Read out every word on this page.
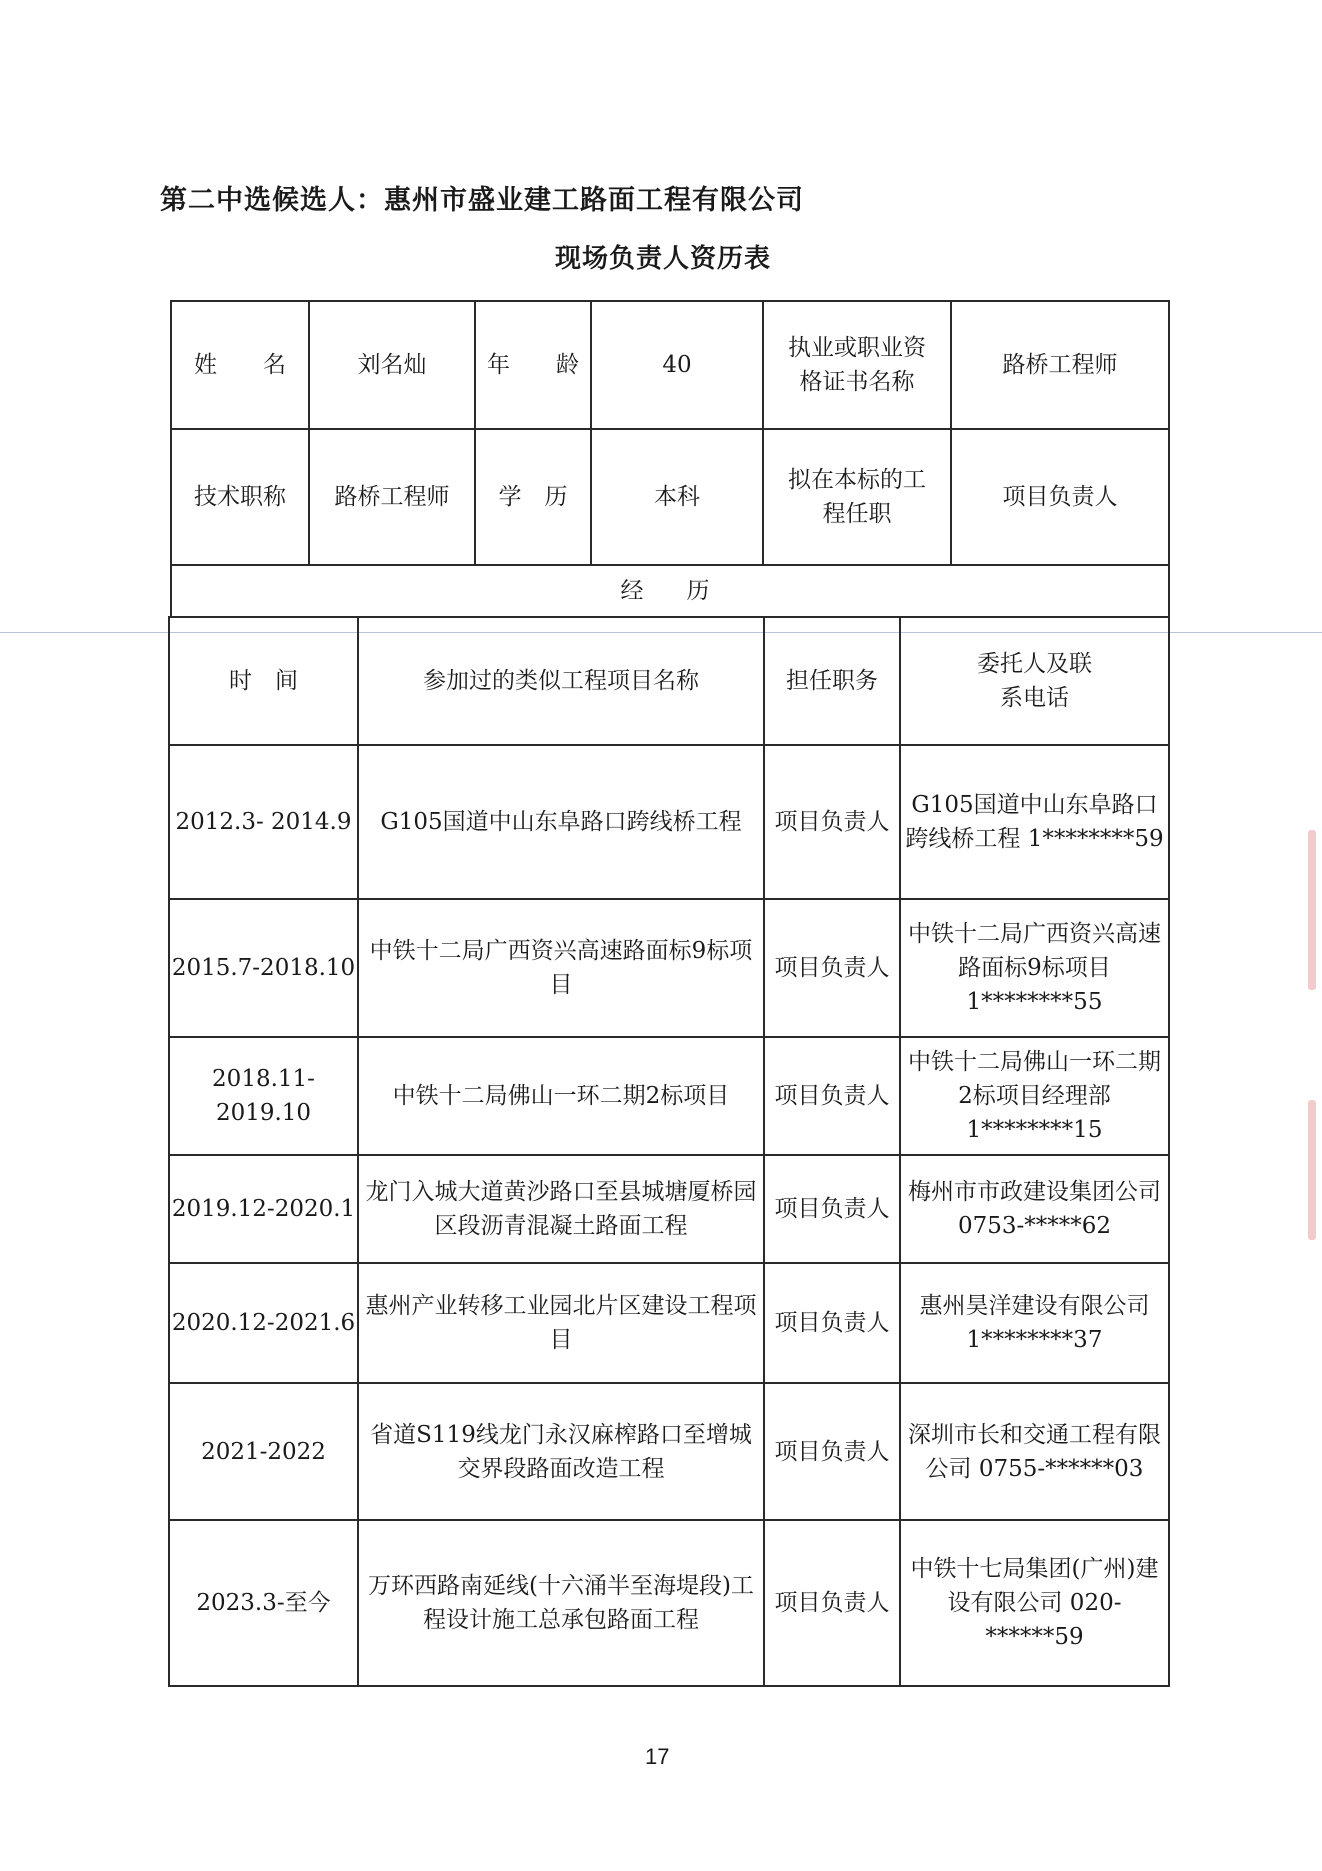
第二中选候选人：惠州市盛业建工路面工程有限公司
现场负责人资历表
姓　　名	刘名灿	年　　龄	40	执业或职业资格证书名称	路桥工程师
技术职称	路桥工程师	学　历	本科	拟在本标的工程任职	项目负责人
经　历					
时　间	参加过的类似工程项目名称	担任职务	委托人及联系电话
2012.3- 2014.9	G105国道中山东阜路口跨线桥工程	项目负责人	G105国道中山东阜路口跨线桥工程 1********59
2015.7-2018.10	中铁十二局广西资兴高速路面标9标项目	项目负责人	中铁十二局广西资兴高速路面标9标项目 1********55
2018.11-2019.10	中铁十二局佛山一环二期2标项目	项目负责人	中铁十二局佛山一环二期2标项目经理部 1********15
2019.12-2020.1	龙门入城大道黄沙路口至县城塘厦桥园区段沥青混凝土路面工程	项目负责人	梅州市市政建设集团公司 0753-*****62
2020.12-2021.6	惠州产业转移工业园北片区建设工程项目	项目负责人	惠州昊洋建设有限公司 1********37
2021-2022	省道S119线龙门永汉麻榨路口至增城交界段路面改造工程	项目负责人	深圳市长和交通工程有限公司 0755-******03
2023.3-至今	万环西路南延线(十六涌半至海堤段)工程设计施工总承包路面工程	项目负责人	中铁十七局集团(广州)建设有限公司 020-******59
17
